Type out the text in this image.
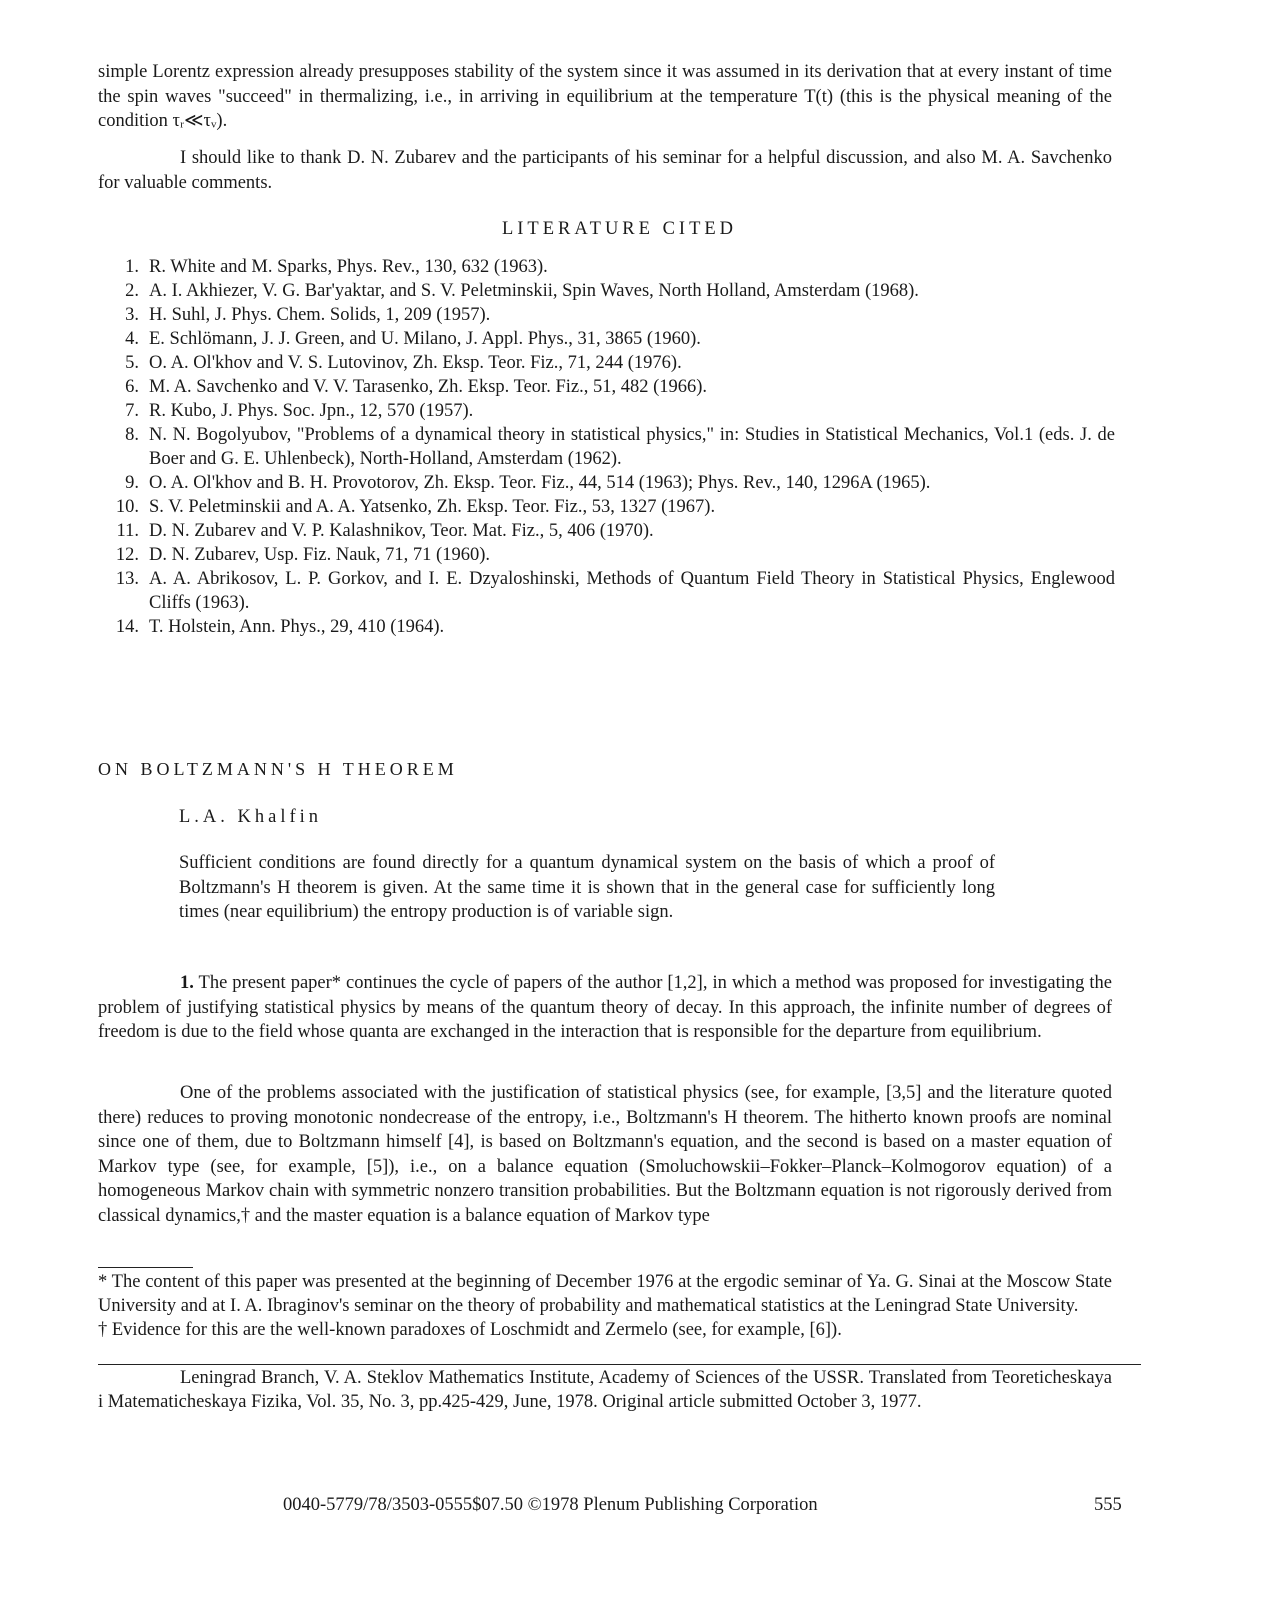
simple Lorentz expression already presupposes stability of the system since it was assumed in its derivation that at every instant of time the spin waves "succeed" in thermalizing, i.e., in arriving in equilibrium at the temperature T(t) (this is the physical meaning of the condition τᵣ≪τᵥ).

I should like to thank D. N. Zubarev and the participants of his seminar for a helpful discussion, and also M. A. Savchenko for valuable comments.

LITERATURE CITED
1. R. White and M. Sparks, Phys. Rev., 130, 632 (1963).
2. A. I. Akhiezer, V. G. Bar'yaktar, and S. V. Peletminskii, Spin Waves, North Holland, Amsterdam (1968).
3. H. Suhl, J. Phys. Chem. Solids, 1, 209 (1957).
4. E. Schlömann, J. J. Green, and U. Milano, J. Appl. Phys., 31, 3865 (1960).
5. O. A. Ol'khov and V. S. Lutovinov, Zh. Eksp. Teor. Fiz., 71, 244 (1976).
6. M. A. Savchenko and V. V. Tarasenko, Zh. Eksp. Teor. Fiz., 51, 482 (1966).
7. R. Kubo, J. Phys. Soc. Jpn., 12, 570 (1957).
8. N. N. Bogolyubov, "Problems of a dynamical theory in statistical physics," in: Studies in Statistical Mechanics, Vol.1 (eds. J. de Boer and G. E. Uhlenbeck), North-Holland, Amsterdam (1962).
9. O. A. Ol'khov and B. H. Provotorov, Zh. Eksp. Teor. Fiz., 44, 514 (1963); Phys. Rev., 140, 1296A (1965).
10. S. V. Peletminskii and A. A. Yatsenko, Zh. Eksp. Teor. Fiz., 53, 1327 (1967).
11. D. N. Zubarev and V. P. Kalashnikov, Teor. Mat. Fiz., 5, 406 (1970).
12. D. N. Zubarev, Usp. Fiz. Nauk, 71, 71 (1960).
13. A. A. Abrikosov, L. P. Gorkov, and I. E. Dzyaloshinski, Methods of Quantum Field Theory in Statistical Physics, Englewood Cliffs (1963).
14. T. Holstein, Ann. Phys., 29, 410 (1964).
ON BOLTZMANN'S H THEOREM
L.A. Khalfin

Sufficient conditions are found directly for a quantum dynamical system on the basis of which a proof of Boltzmann's H theorem is given. At the same time it is shown that in the general case for sufficiently long times (near equilibrium) the entropy production is of variable sign.

1. The present paper* continues the cycle of papers of the author [1,2], in which a method was proposed for investigating the problem of justifying statistical physics by means of the quantum theory of decay. In this approach, the infinite number of degrees of freedom is due to the field whose quanta are exchanged in the interaction that is responsible for the departure from equilibrium.

One of the problems associated with the justification of statistical physics (see, for example, [3,5] and the literature quoted there) reduces to proving monotonic nondecrease of the entropy, i.e., Boltzmann's H theorem. The hitherto known proofs are nominal since one of them, due to Boltzmann himself [4], is based on Boltzmann's equation, and the second is based on a master equation of Markov type (see, for example, [5]), i.e., on a balance equation (Smoluchowskii–Fokker–Planck–Kolmogorov equation) of a homogeneous Markov chain with symmetric nonzero transition probabilities. But the Boltzmann equation is not rigorously derived from classical dynamics,† and the master equation is a balance equation of Markov type

* The content of this paper was presented at the beginning of December 1976 at the ergodic seminar of Ya. G. Sinai at the Moscow State University and at I. A. Ibraginov's seminar on the theory of probability and mathematical statistics at the Leningrad State University.

† Evidence for this are the well-known paradoxes of Loschmidt and Zermelo (see, for example, [6]).

Leningrad Branch, V. A. Steklov Mathematics Institute, Academy of Sciences of the USSR. Translated from Teoreticheskaya i Matematicheskaya Fizika, Vol. 35, No. 3, pp.425-429, June, 1978. Original article submitted October 3, 1977.

0040-5779/78/3503-0555$07.50 ©1978 Plenum Publishing Corporation	555
